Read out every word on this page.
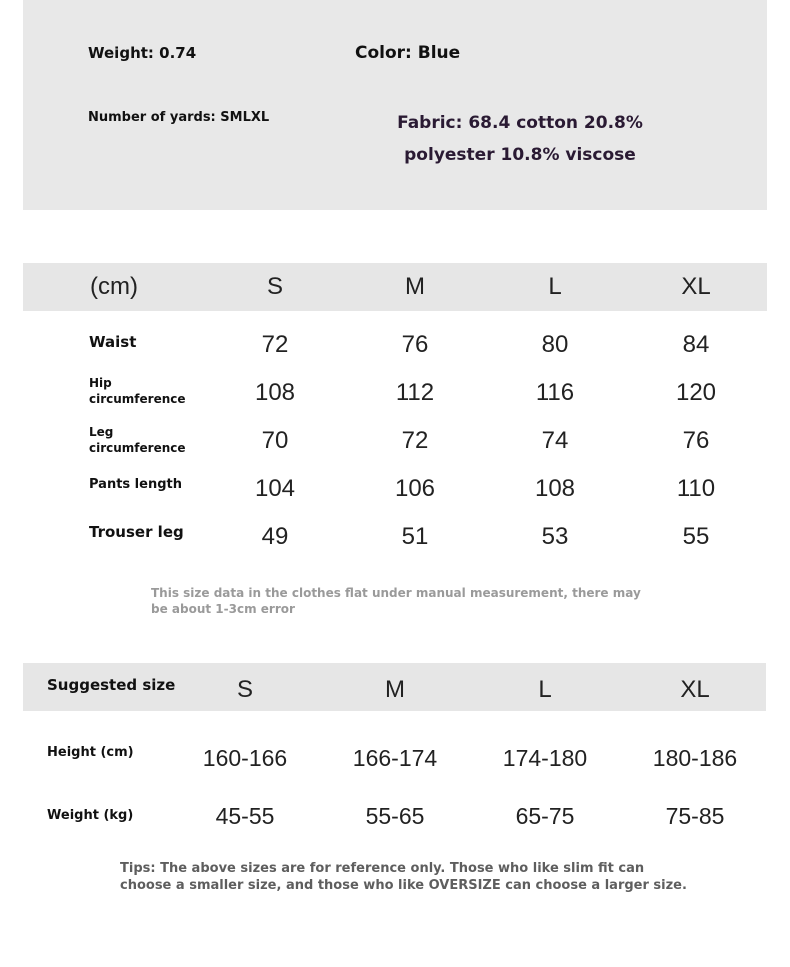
Weight: 0.74	Color: Blue
Number of yards: SMLXL	Fabric: 68.4 cotton 20.8% polyester 10.8% viscose
(cm)	S	M	L	XL
Waist	72	76	80	84
Hip circumference	108	112	116	120
Leg circumference	70	72	74	76
Pants length	104	106	108	110
Trouser leg	49	51	53	55
This size data in the clothes flat under manual measurement, there may be about 1-3cm error
Suggested size	S	M	L	XL
Height (cm)	160-166	166-174	174-180	180-186
Weight (kg)	45-55	55-65	65-75	75-85
Tips: The above sizes are for reference only. Those who like slim fit can choose a smaller size, and those who like OVERSIZE can choose a larger size.
